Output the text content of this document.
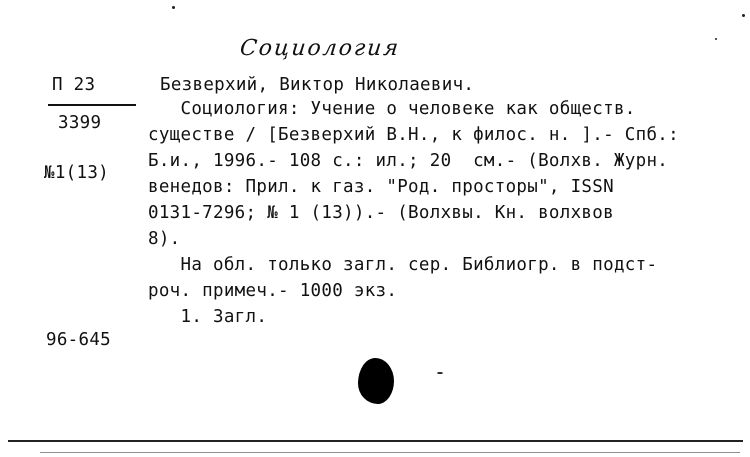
Социология
П 23
3399
№1(13)
96-645
Безверхий, Виктор Николаевич.
Социология: Учение о человеке как обществ.
существе / [Безверхий В.Н., к филос. н. ].- Спб.:
Б.и., 1996.- 108 с.: ил.; 20  см.- (Волхв. Журн.
венедов: Прил. к газ. "Род. просторы", ISSN
0131-7296; № 1 (13)).- (Волхвы. Кн. волхвов
8).
На обл. только загл. сер. Библиогр. в подст-
роч. примеч.- 1000 экз.
1. Загл.
